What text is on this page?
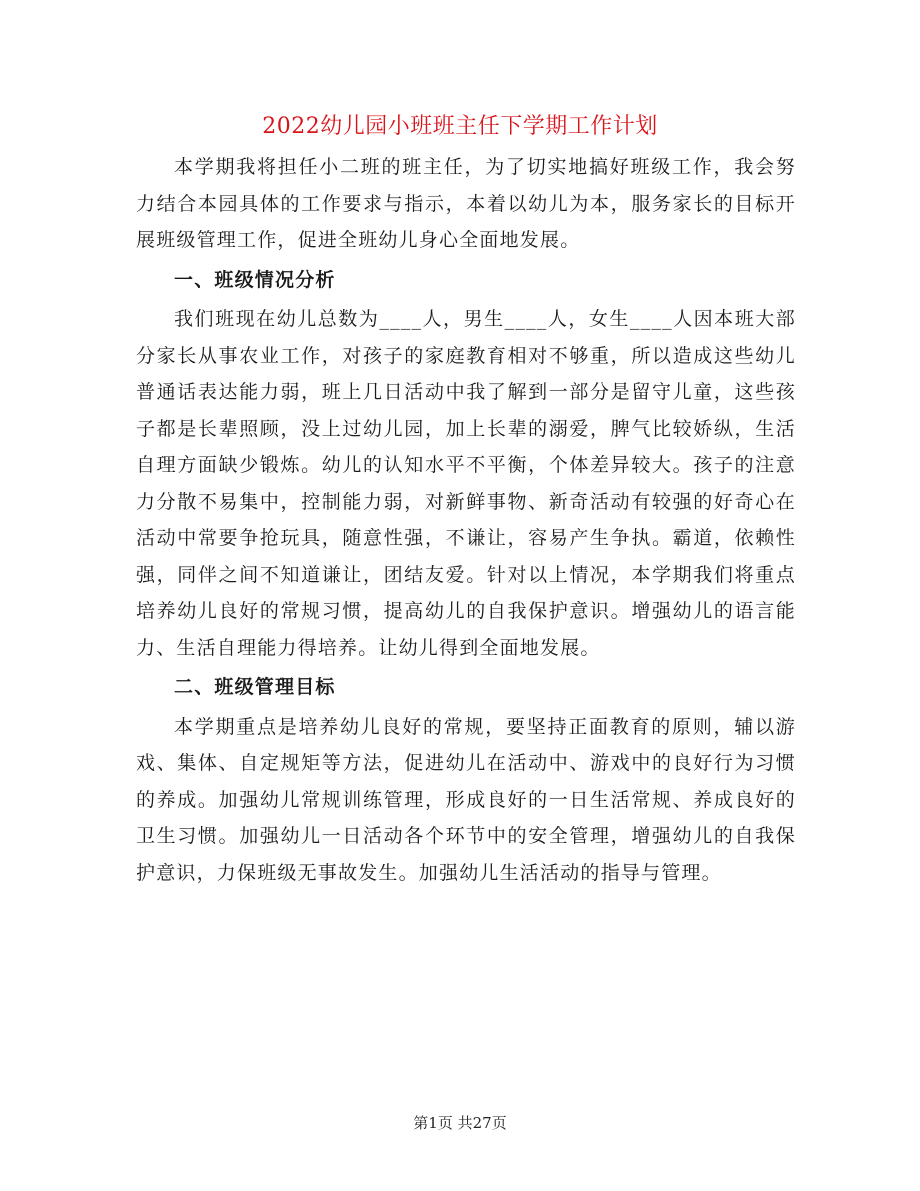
2022幼儿园小班班主任下学期工作计划

本学期我将担任小二班的班主任，为了切实地搞好班级工作，我会努力结合本园具体的工作要求与指示，本着以幼儿为本，服务家长的目标开展班级管理工作，促进全班幼儿身心全面地发展。

一、班级情况分析

我们班现在幼儿总数为____人，男生____人，女生____人因本班大部分家长从事农业工作，对孩子的家庭教育相对不够重，所以造成这些幼儿普通话表达能力弱，班上几日活动中我了解到一部分是留守儿童，这些孩子都是长辈照顾，没上过幼儿园，加上长辈的溺爱，脾气比较娇纵，生活自理方面缺少锻炼。幼儿的认知水平不平衡，个体差异较大。孩子的注意力分散不易集中，控制能力弱，对新鲜事物、新奇活动有较强的好奇心在活动中常要争抢玩具，随意性强，不谦让，容易产生争执。霸道，依赖性强，同伴之间不知道谦让，团结友爱。针对以上情况，本学期我们将重点培养幼儿良好的常规习惯，提高幼儿的自我保护意识。增强幼儿的语言能力、生活自理能力得培养。让幼儿得到全面地发展。

二、班级管理目标

本学期重点是培养幼儿良好的常规，要坚持正面教育的原则，辅以游戏、集体、自定规矩等方法，促进幼儿在活动中、游戏中的良好行为习惯的养成。加强幼儿常规训练管理，形成良好的一日生活常规、养成良好的卫生习惯。加强幼儿一日活动各个环节中的安全管理，增强幼儿的自我保护意识，力保班级无事故发生。加强幼儿生活活动的指导与管理。

第1页 共27页
